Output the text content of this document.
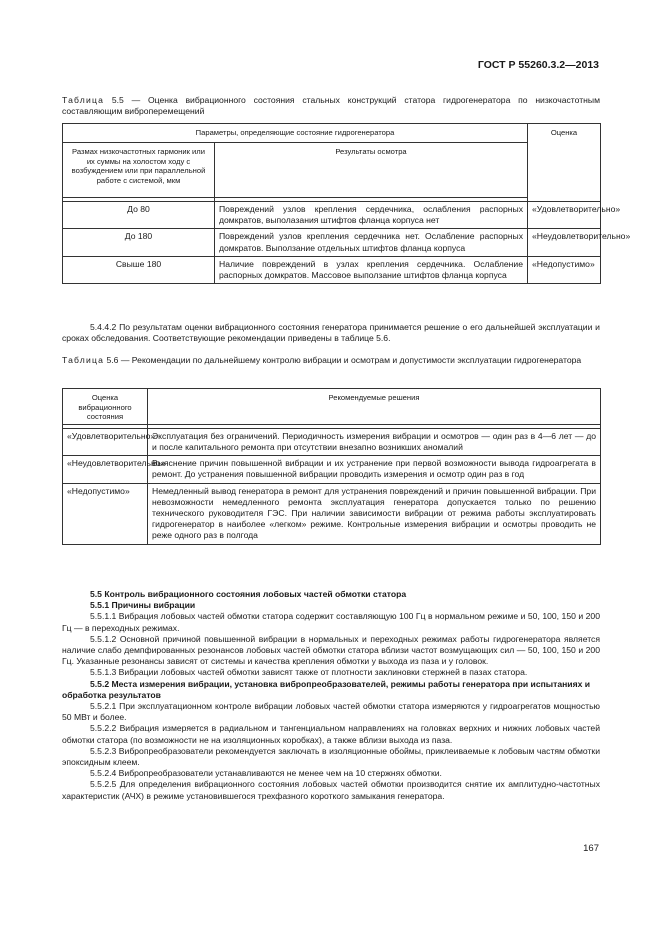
ГОСТ Р 55260.3.2—2013
Таблица 5.5 — Оценка вибрационного состояния стальных конструкций статора гидрогенератора по низкочастотным составляющим виброперемещений
Параметры, определяющие состояние гидрогенератора		Оценка
Размах низкочастотных гармоник или их суммы на холостом ходу с возбуждением или при параллельной работе с системой, мкм	Результаты осмотра	

До 80	Повреждений узлов крепления сердечника, ослабления распорных домкратов, выполазания штифтов фланца корпуса нет	«Удовлетворительно»
До 180	Повреждений узлов крепления сердечника нет. Ослабление распорных домкратов. Выползание отдельных штифтов фланца корпуса	«Неудовлетворительно»
Свыше 180	Наличие повреждений в узлах крепления сердечника. Ослабление распорных домкратов. Массовое выползание штифтов фланца корпуса	«Недопустимо»
5.4.4.2 По результатам оценки вибрационного состояния генератора принимается решение о его дальнейшей эксплуатации и сроках обследования. Соответствующие рекомендации приведены в таблице 5.6.
Таблица 5.6 — Рекомендации по дальнейшему контролю вибрации и осмотрам и допустимости эксплуатации гидрогенератора
Оценка вибрационного состояния	Рекомендуемые решения

«Удовлетворительно»	Эксплуатация без ограничений. Периодичность измерения вибрации и осмотров — один раз в 4—6 лет — до и после капитального ремонта при отсутствии внезапно возникших аномалий
«Неудовлетворительно»	Выяснение причин повышенной вибрации и их устранение при первой возможности вывода гидроагрегата в ремонт. До устранения повышенной вибрации проводить измерения и осмотр один раз в год
«Недопустимо»	Немедленный вывод генератора в ремонт для устранения повреждений и причин повышенной вибрации. При невозможности немедленного ремонта эксплуатация генератора допускается только по решению технического руководителя ГЭС. При наличии зависимости вибрации от режима работы эксплуатировать гидрогенератор в наиболее «легком» режиме. Контрольные измерения вибрации и осмотры проводить не реже одного раз в полгода
5.5 Контроль вибрационного состояния лобовых частей обмотки статора
5.5.1 Причины вибрации
5.5.1.1 Вибрация лобовых частей обмотки статора содержит составляющую 100 Гц в нормальном режиме и 50, 100, 150 и 200 Гц — в переходных режимах.
5.5.1.2 Основной причиной повышенной вибрации в нормальных и переходных режимах работы гидрогенератора является наличие слабо демпфированных резонансов лобовых частей обмотки статора вблизи частот возмущающих сил — 50, 100, 150 и 200 Гц. Указанные резонансы зависят от системы и качества крепления обмотки у выхода из паза и у головок.
5.5.1.3 Вибрации лобовых частей обмотки зависят также от плотности заклиновки стержней в пазах статора.
5.5.2 Места измерения вибрации, установка вибропреобразователей, режимы работы генератора при испытаниях и обработка результатов
5.5.2.1 При эксплуатационном контроле вибрации лобовых частей обмотки статора измеряются у гидроагрегатов мощностью 50 МВт и более.
5.5.2.2 Вибрация измеряется в радиальном и тангенциальном направлениях на головках верхних и нижних лобовых частей обмотки статора (по возможности не на изоляционных коробках), а также вблизи выхода из паза.
5.5.2.3 Вибропреобразователи рекомендуется заключать в изоляционные обоймы, приклеиваемые к лобовым частям обмотки эпоксидным клеем.
5.5.2.4 Вибропреобразователи устанавливаются не менее чем на 10 стержнях обмотки.
5.5.2.5 Для определения вибрационного состояния лобовых частей обмотки производится снятие их амплитудно-частотных характеристик (АЧХ) в режиме установившегося трехфазного короткого замыкания генератора.
167
